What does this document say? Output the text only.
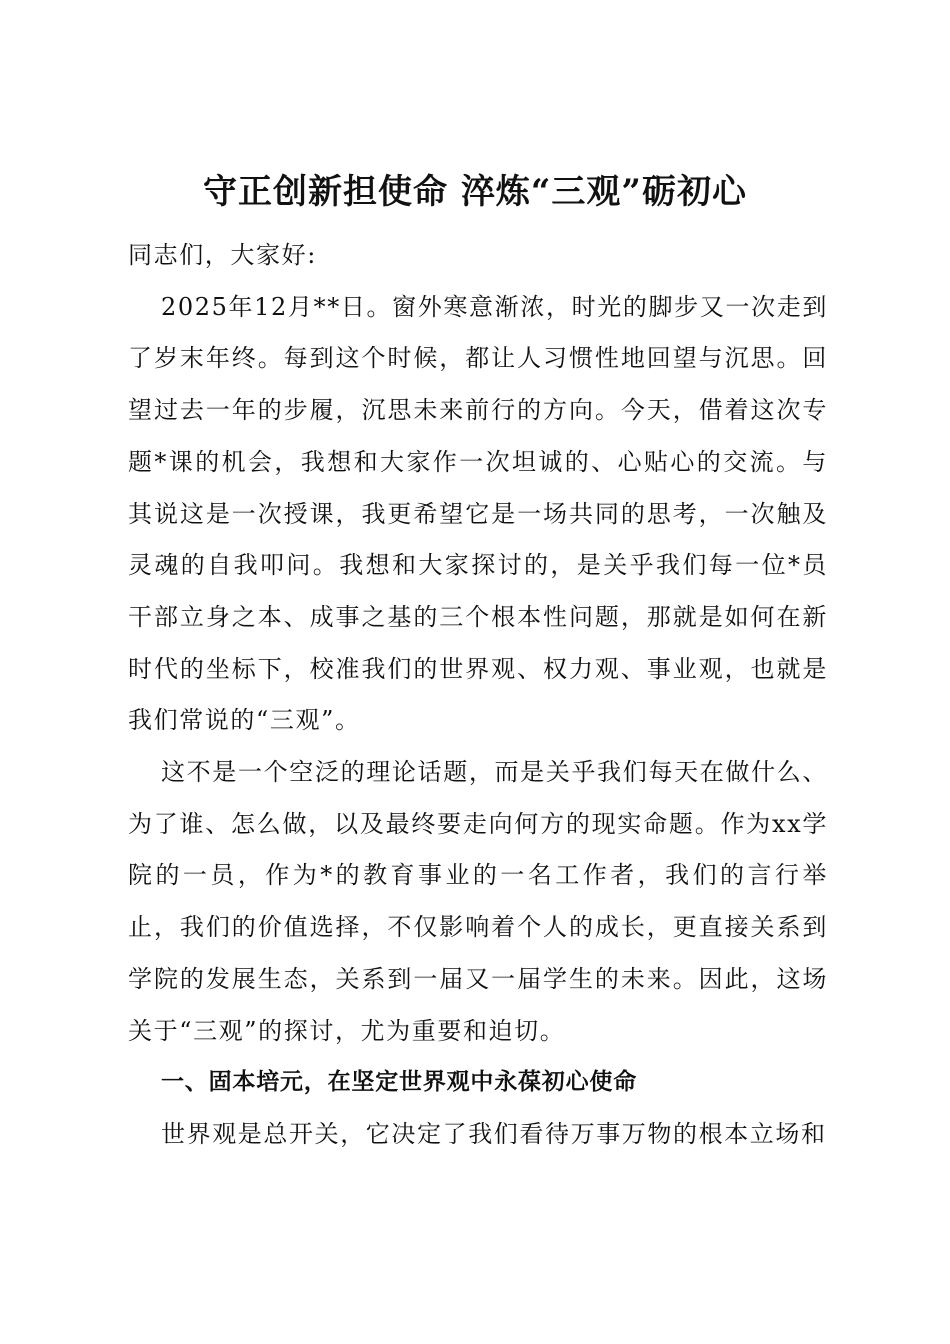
守正创新担使命 淬炼“三观”砺初心

同志们，大家好:

2025年12月**日。窗外寒意渐浓，时光的脚步又一次走到了岁末年终。每到这个时候，都让人习惯性地回望与沉思。回望过去一年的步履，沉思未来前行的方向。今天，借着这次专题*课的机会，我想和大家作一次坦诚的、心贴心的交流。与其说这是一次授课，我更希望它是一场共同的思考，一次触及灵魂的自我叩问。我想和大家探讨的，是关乎我们每一位*员干部立身之本、成事之基的三个根本性问题，那就是如何在新时代的坐标下，校准我们的世界观、权力观、事业观，也就是我们常说的“三观”。

这不是一个空泛的理论话题，而是关乎我们每天在做什么、为了谁、怎么做，以及最终要走向何方的现实命题。作为xx学院的一员，作为*的教育事业的一名工作者，我们的言行举止，我们的价值选择，不仅影响着个人的成长，更直接关系到学院的发展生态，关系到一届又一届学生的未来。因此，这场关于“三观”的探讨，尤为重要和迫切。

一、固本培元，在坚定世界观中永葆初心使命

世界观是总开关，它决定了我们看待万事万物的根本立场和
